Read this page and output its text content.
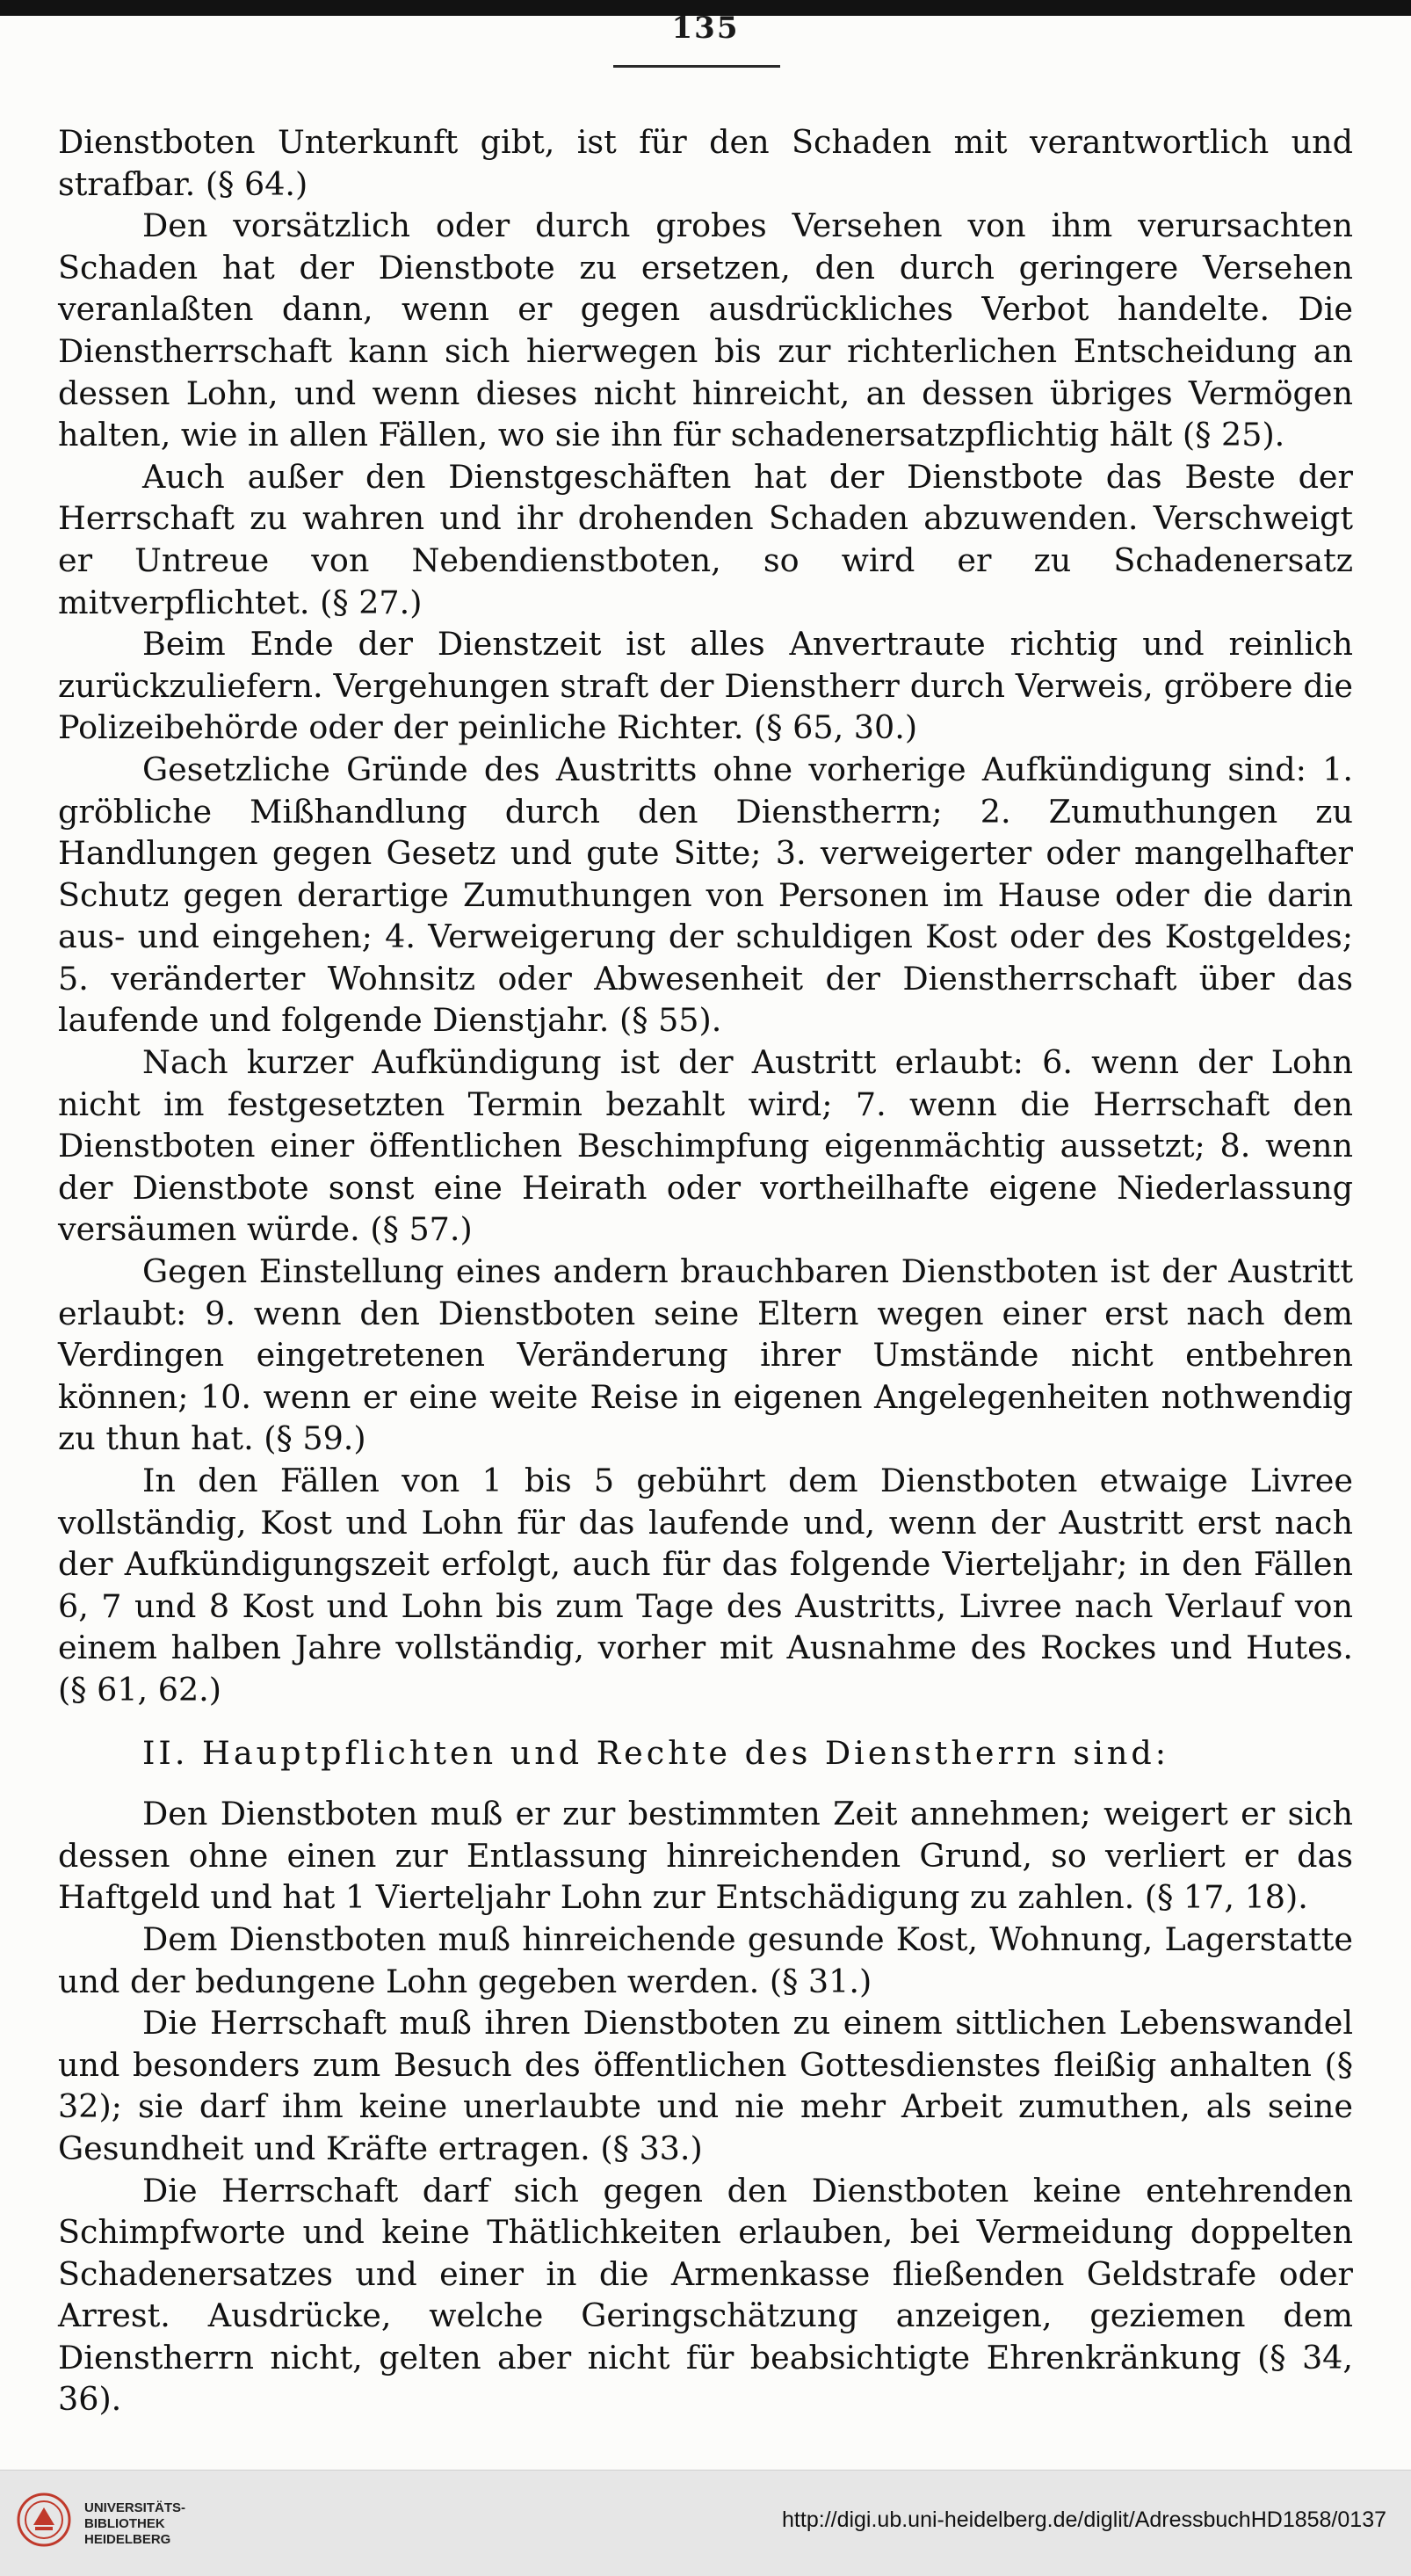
135

Dienstboten Unterkunft gibt, ist für den Schaden mit verantwortlich und strafbar. (§ 64.)

Den vorsätzlich oder durch grobes Versehen von ihm verursachten Schaden hat der Dienstbote zu ersetzen, den durch geringere Versehen veranlaßten dann, wenn er gegen ausdrückliches Verbot handelte. Die Dienstherrschaft kann sich hierwegen bis zur richterlichen Entscheidung an dessen Lohn, und wenn dieses nicht hinreicht, an dessen übriges Vermögen halten, wie in allen Fällen, wo sie ihn für schadenersatzpflichtig hält (§ 25).

Auch außer den Dienstgeschäften hat der Dienstbote das Beste der Herrschaft zu wahren und ihr drohenden Schaden abzuwenden. Verschweigt er Untreue von Nebendienstboten, so wird er zu Schadenersatz mitverpflichtet. (§ 27.)

Beim Ende der Dienstzeit ist alles Anvertraute richtig und reinlich zurückzuliefern. Vergehungen straft der Dienstherr durch Verweis, gröbere die Polizeibehörde oder der peinliche Richter. (§ 65, 30.)

Gesetzliche Gründe des Austritts ohne vorherige Aufkündigung sind: 1. gröbliche Mißhandlung durch den Dienstherrn; 2. Zumuthungen zu Handlungen gegen Gesetz und gute Sitte; 3. verweigerter oder mangelhafter Schutz gegen derartige Zumuthungen von Personen im Hause oder die darin aus- und eingehen; 4. Verweigerung der schuldigen Kost oder des Kostgeldes; 5. veränderter Wohnsitz oder Abwesenheit der Dienstherrschaft über das laufende und folgende Dienstjahr. (§ 55).

Nach kurzer Aufkündigung ist der Austritt erlaubt: 6. wenn der Lohn nicht im festgesetzten Termin bezahlt wird; 7. wenn die Herrschaft den Dienstboten einer öffentlichen Beschimpfung eigenmächtig aussetzt; 8. wenn der Dienstbote sonst eine Heirath oder vortheilhafte eigene Niederlassung versäumen würde. (§ 57.)

Gegen Einstellung eines andern brauchbaren Dienstboten ist der Austritt erlaubt: 9. wenn den Dienstboten seine Eltern wegen einer erst nach dem Verdingen eingetretenen Veränderung ihrer Umstände nicht entbehren können; 10. wenn er eine weite Reise in eigenen Angelegenheiten nothwendig zu thun hat. (§ 59.)

In den Fällen von 1 bis 5 gebührt dem Dienstboten etwaige Livree vollständig, Kost und Lohn für das laufende und, wenn der Austritt erst nach der Aufkündigungszeit erfolgt, auch für das folgende Vierteljahr; in den Fällen 6, 7 und 8 Kost und Lohn bis zum Tage des Austritts, Livree nach Verlauf von einem halben Jahre vollständig, vorher mit Ausnahme des Rockes und Hutes. (§ 61, 62.)

II. Hauptpflichten und Rechte des Dienstherrn sind:

Den Dienstboten muß er zur bestimmten Zeit annehmen; weigert er sich dessen ohne einen zur Entlassung hinreichenden Grund, so verliert er das Haftgeld und hat 1 Vierteljahr Lohn zur Entschädigung zu zahlen. (§ 17, 18).

Dem Dienstboten muß hinreichende gesunde Kost, Wohnung, Lagerstatte und der bedungene Lohn gegeben werden. (§ 31.)

Die Herrschaft muß ihren Dienstboten zu einem sittlichen Lebenswandel und besonders zum Besuch des öffentlichen Gottesdienstes fleißig anhalten (§ 32); sie darf ihm keine unerlaubte und nie mehr Arbeit zumuthen, als seine Gesundheit und Kräfte ertragen. (§ 33.)

Die Herrschaft darf sich gegen den Dienstboten keine entehrenden Schimpfworte und keine Thätlichkeiten erlauben, bei Vermeidung doppelten Schadenersatzes und einer in die Armenkasse fließenden Geldstrafe oder Arrest. Ausdrücke, welche Geringschätzung anzeigen, geziemen dem Dienstherrn nicht, gelten aber nicht für beabsichtigte Ehrenkränkung (§ 34, 36).

UNIVERSITÄTS-
BIBLIOTHEK
HEIDELBERG
http://digi.ub.uni-heidelberg.de/diglit/AdressbuchHD1858/0137
